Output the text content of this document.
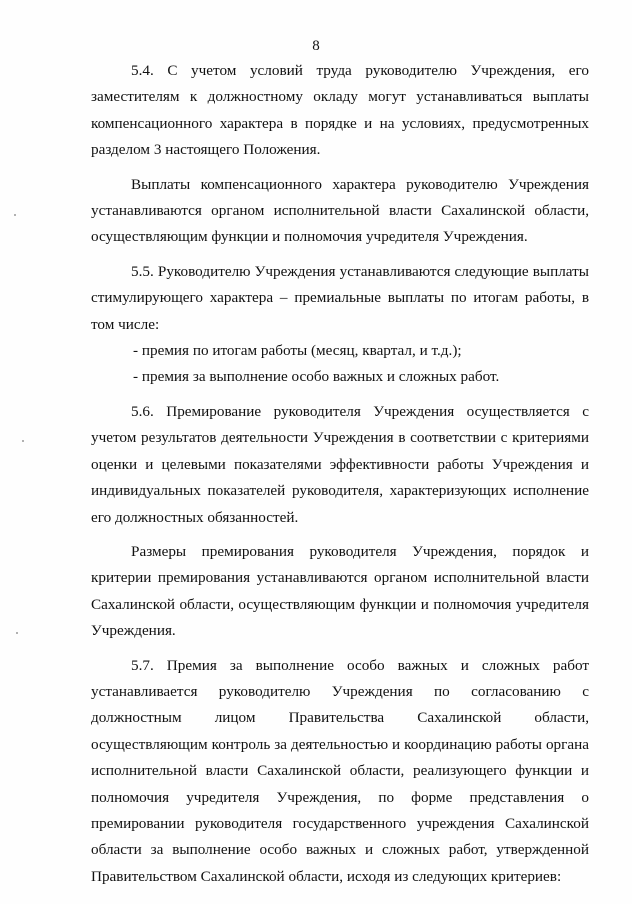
8

5.4. С учетом условий труда руководителю Учреждения, его заместителям к должностному окладу могут устанавливаться выплаты компенсационного характера в порядке и на условиях, предусмотренных разделом 3 настоящего Положения.

Выплаты компенсационного характера руководителю Учреждения устанавливаются органом исполнительной власти Сахалинской области, осуществляющим функции и полномочия учредителя Учреждения.

5.5. Руководителю Учреждения устанавливаются следующие выплаты стимулирующего характера – премиальные выплаты по итогам работы, в том числе:

- премия по итогам работы (месяц, квартал, и т.д.);

- премия за выполнение особо важных и сложных работ.

5.6. Премирование руководителя Учреждения осуществляется с учетом результатов деятельности Учреждения в соответствии с критериями оценки и целевыми показателями эффективности работы Учреждения и индивидуальных показателей руководителя, характеризующих исполнение его должностных обязанностей.

Размеры премирования руководителя Учреждения, порядок и критерии премирования устанавливаются органом исполнительной власти Сахалинской области, осуществляющим функции и полномочия учредителя Учреждения.

5.7. Премия за выполнение особо важных и сложных работ устанавливается руководителю Учреждения по согласованию с должностным лицом Правительства Сахалинской области, осуществляющим контроль за деятельностью и координацию работы органа исполнительной власти Сахалинской области, реализующего функции и полномочия учредителя Учреждения, по форме представления о премировании руководителя государственного учреждения Сахалинской области за выполнение особо важных и сложных работ, утвержденной Правительством Сахалинской области, исходя из следующих критериев:
